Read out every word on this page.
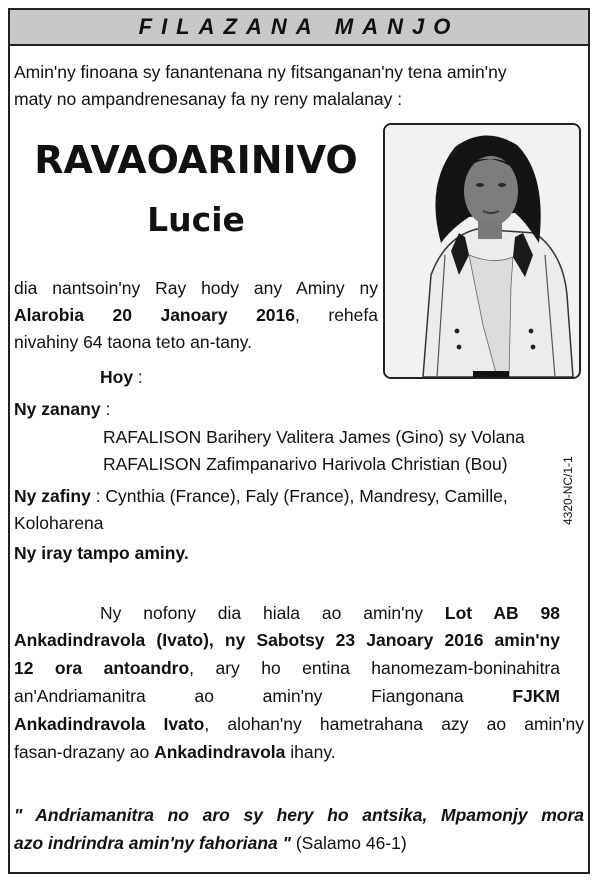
FILAZANA MANJO
Amin'ny finoana sy fanantenana ny fitsanganan'ny tena amin'ny
maty no ampandrenesanay fa ny reny malalanay :
RAVAOARINIVO
Lucie
dia nantsoin'ny Ray hody any Aminy ny
Alarobia 20 Janoary 2016, rehefa
nivahiny 64 taona teto an-tany.
Hoy :
Ny zanany :
RAFALISON Barihery Valitera James (Gino) sy Volana
RAFALISON Zafimpanarivo Harivola Christian (Bou)
Ny zafiny : Cynthia (France), Faly (France), Mandresy, Camille,
Koloharena
Ny iray tampo aminy.
Ny nofony dia hiala ao amin'ny Lot AB 98
Ankadindravola (Ivato), ny Sabotsy 23 Janoary 2016 amin'ny
12 ora antoandro, ary ho entina hanomezam-boninahitra
an'Andriamanitra ao amin'ny Fiangonana	FJKM
Ankadindravola Ivato, alohan'ny hametrahana azy ao amin'ny
fasan-drazany ao Ankadindravola ihany.
" Andriamanitra no aro sy hery ho antsika, Mpamonjy mora
azo indrindra amin'ny fahoriana " (Salamo 46-1)
4320-NC/1-1
